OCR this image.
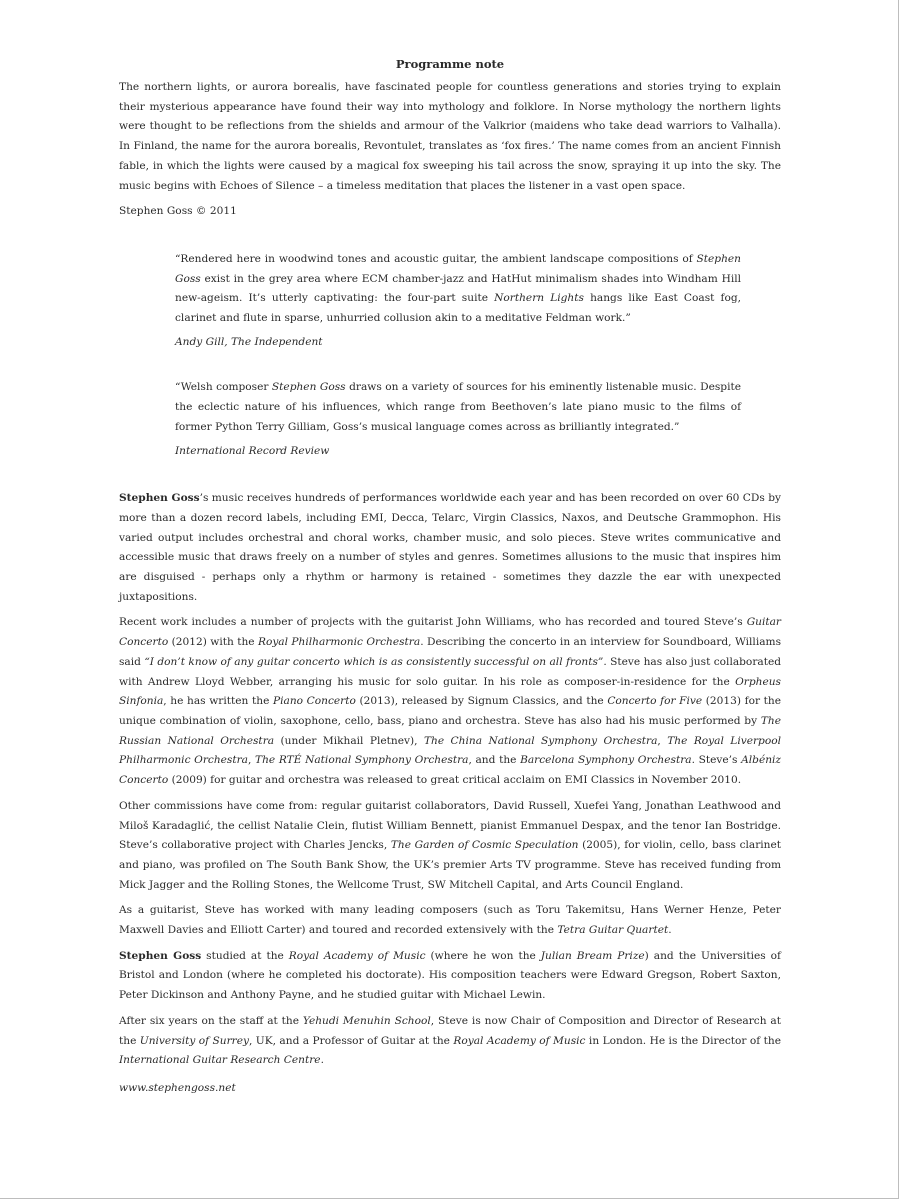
Programme note

The northern lights, or aurora borealis, have fascinated people for countless generations and stories trying to explain their mysterious appearance have found their way into mythology and folklore. In Norse mythology the northern lights were thought to be reflections from the shields and armour of the Valkrior (maidens who take dead warriors to Valhalla). In Finland, the name for the aurora borealis, Revontulet, translates as ‘fox fires.’ The name comes from an ancient Finnish fable, in which the lights were caused by a magical fox sweeping his tail across the snow, spraying it up into the sky. The music begins with Echoes of Silence – a timeless meditation that places the listener in a vast open space.

Stephen Goss © 2011

“Rendered here in woodwind tones and acoustic guitar, the ambient landscape compositions of Stephen Goss exist in the grey area where ECM chamber-jazz and HatHut minimalism shades into Windham Hill new-ageism. It’s utterly captivating: the four-part suite Northern Lights hangs like East Coast fog, clarinet and flute in sparse, unhurried collusion akin to a meditative Feldman work.”
Andy Gill, The Independent
“Welsh composer Stephen Goss draws on a variety of sources for his eminently listenable music. Despite the eclectic nature of his influences, which range from Beethoven’s late piano music to the films of former Python Terry Gilliam, Goss’s musical language comes across as brilliantly integrated.”
International Record Review

Stephen Goss’s music receives hundreds of performances worldwide each year and has been recorded on over 60 CDs by more than a dozen record labels, including EMI, Decca, Telarc, Virgin Classics, Naxos, and Deutsche Grammophon. His varied output includes orchestral and choral works, chamber music, and solo pieces. Steve writes communicative and accessible music that draws freely on a number of styles and genres. Sometimes allusions to the music that inspires him are disguised - perhaps only a rhythm or harmony is retained - sometimes they dazzle the ear with unexpected juxtapositions.

Recent work includes a number of projects with the guitarist John Williams, who has recorded and toured Steve’s Guitar Concerto (2012) with the Royal Philharmonic Orchestra. Describing the concerto in an interview for Soundboard, Williams said “I don’t know of any guitar concerto which is as consistently successful on all fronts”. Steve has also just collaborated with Andrew Lloyd Webber, arranging his music for solo guitar. In his role as composer-in-residence for the Orpheus Sinfonia, he has written the Piano Concerto (2013), released by Signum Classics, and the Concerto for Five (2013) for the unique combination of violin, saxophone, cello, bass, piano and orchestra. Steve has also had his music performed by The Russian National Orchestra (under Mikhail Pletnev), The China National Symphony Orchestra, The Royal Liverpool Philharmonic Orchestra, The RTÉ National Symphony Orchestra, and the Barcelona Symphony Orchestra. Steve’s Albéniz Concerto (2009) for guitar and orchestra was released to great critical acclaim on EMI Classics in November 2010.

Other commissions have come from: regular guitarist collaborators, David Russell, Xuefei Yang, Jonathan Leathwood and Miloš Karadaglić, the cellist Natalie Clein, flutist William Bennett, pianist Emmanuel Despax, and the tenor Ian Bostridge. Steve’s collaborative project with Charles Jencks, The Garden of Cosmic Speculation (2005), for violin, cello, bass clarinet and piano, was profiled on The South Bank Show, the UK’s premier Arts TV programme. Steve has received funding from Mick Jagger and the Rolling Stones, the Wellcome Trust, SW Mitchell Capital, and Arts Council England.

As a guitarist, Steve has worked with many leading composers (such as Toru Takemitsu, Hans Werner Henze, Peter Maxwell Davies and Elliott Carter) and toured and recorded extensively with the Tetra Guitar Quartet.

Stephen Goss studied at the Royal Academy of Music (where he won the Julian Bream Prize) and the Universities of Bristol and London (where he completed his doctorate). His composition teachers were Edward Gregson, Robert Saxton, Peter Dickinson and Anthony Payne, and he studied guitar with Michael Lewin.

After six years on the staff at the Yehudi Menuhin School, Steve is now Chair of Composition and Director of Research at the University of Surrey, UK, and a Professor of Guitar at the Royal Academy of Music in London. He is the Director of the International Guitar Research Centre.

www.stephengoss.net
